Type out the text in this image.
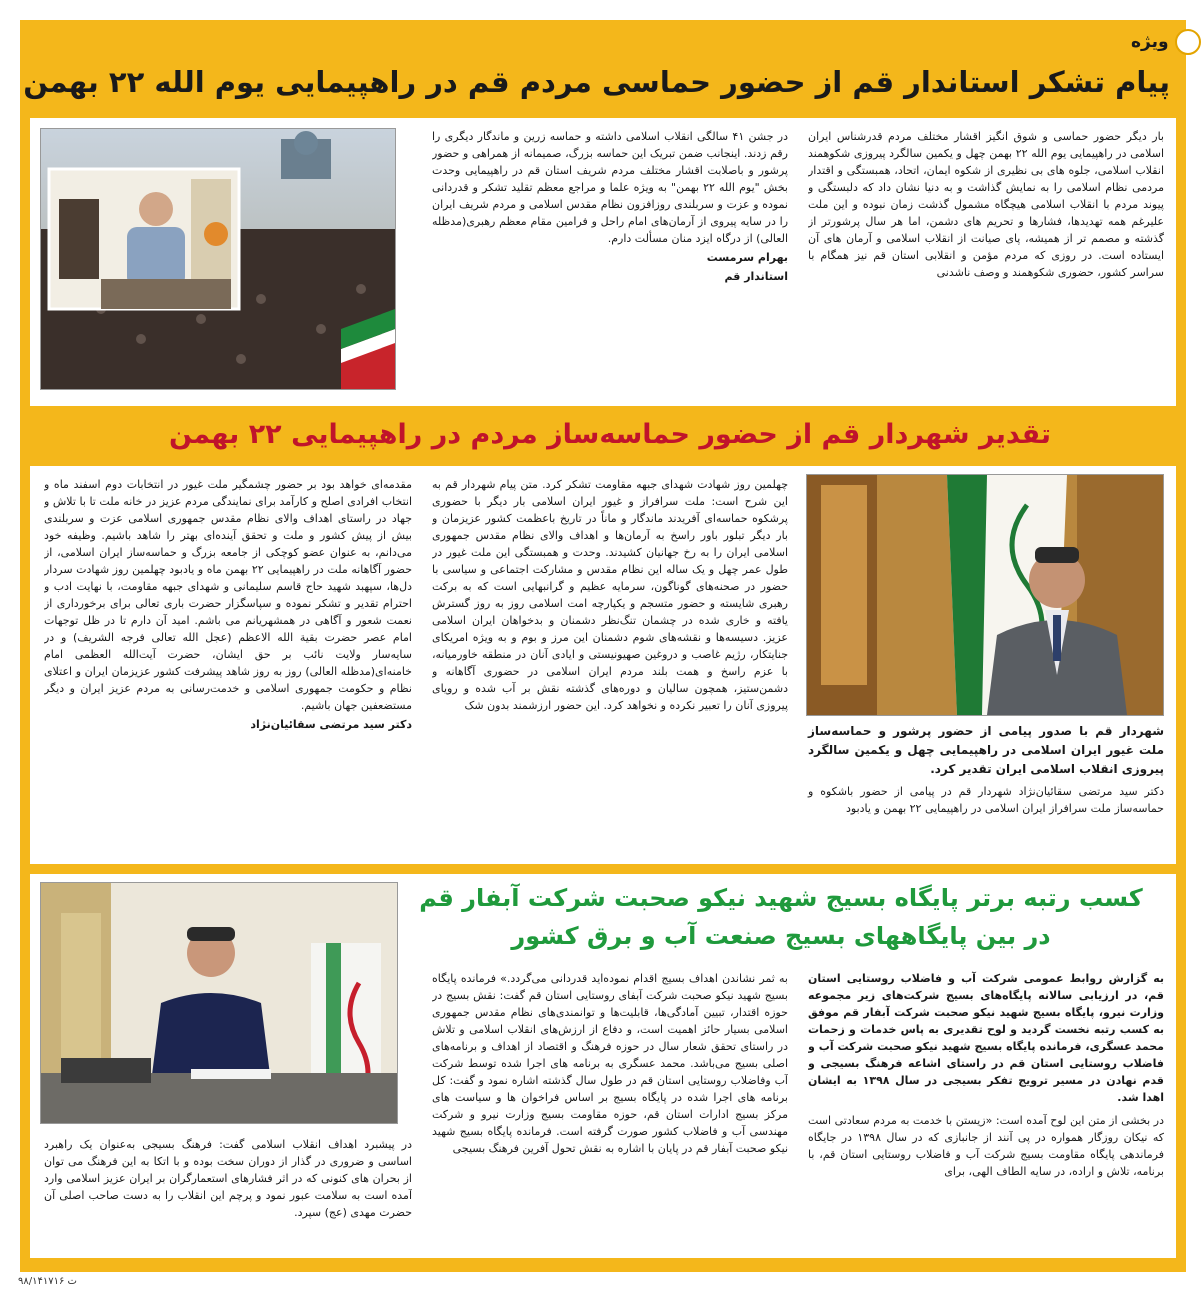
ویژه
پیام تشکر استاندار قم از حضور حماسی مردم قم در راهپیمایی یوم الله ۲۲ بهمن
بار دیگر حضور حماسی و شوق انگیز اقشار مختلف مردم قدرشناس ایران اسلامی در راهپیمایی یوم الله ۲۲ بهمن چهل و یکمین سالگرد پیروزی شکوهمند انقلاب اسلامی، جلوه های بی نظیری از شکوه ایمان، اتحاد، همبستگی و اقتدار مردمی نظام اسلامی را به نمایش گذاشت و به دنیا نشان داد که دلبستگی و پیوند مردم با انقلاب اسلامی هیچگاه مشمول گذشت زمان نبوده و این ملت علیرغم همه تهدیدها، فشارها و تحریم های دشمن، اما هر سال پرشورتر از گذشته و مصمم تر از همیشه، پای صیانت از انقلاب اسلامی و آرمان های آن ایستاده است. در روزی که مردم مؤمن و انقلابی استان قم نیز همگام با سراسر کشور، حضوری شکوهمند و وصف ناشدنی

در جشن ۴۱ سالگی انقلاب اسلامی داشته و حماسه زرین و ماندگار دیگری را رقم زدند. اینجانب ضمن تبریک این حماسه بزرگ، صمیمانه از همراهی و حضور پرشور و باصلابت اقشار مختلف مردم شریف استان قم در راهپیمایی وحدت بخش "یوم الله ۲۲ بهمن" به ویژه علما و مراجع معظم تقلید تشکر و قدردانی نموده و عزت و سربلندی روزافزون نظام مقدس اسلامی و مردم شریف ایران را در سایه پیروی از آرمان‌های امام راحل و فرامین مقام معظم رهبری(مدظله العالی) از درگاه ایزد منان مسألت دارم.

بهرام سرمست

استاندار قم

تقدیر شهردار قم از حضور حماسه‌ساز مردم در راهپیمایی ۲۲ بهمن

شهردار قم با صدور پیامی از حضور پرشور و حماسه‌ساز ملت غیور ایران اسلامی در راهپیمایی چهل و یکمین سالگرد پیروزی انقلاب اسلامی ایران تقدیر کرد.

دکتر سید مرتضی سقائیان‌نژاد شهردار قم در پیامی از حضور باشکوه و حماسه‌ساز ملت سرافراز ایران اسلامی در راهپیمایی ۲۲ بهمن و یادبود

چهلمین روز شهادت شهدای جبهه مقاومت تشکر کرد. متن پیام شهردار قم به این شرح است: ملت سرافراز و غیور ایران اسلامی بار دیگر با حضوری پرشکوه حماسه‌ای آفریدند ماندگار و ماناً در تاریخ باعظمت کشور عزیزمان و بار دیگر تبلور باور راسخ به آرمان‌ها و اهداف والای نظام مقدس جمهوری اسلامی ایران را به رخ جهانیان کشیدند. وحدت و همبستگی این ملت غیور در طول عمر چهل و یک ساله این نظام مقدس و مشارکت اجتماعی و سیاسی با حضور در صحنه‌های گوناگون، سرمایه عظیم و گرانبهایی است که به برکت رهبری شایسته و حضور متسجم و یکپارچه امت اسلامی روز به روز گسترش یافته و خاری شده در چشمان تنگ‌نظر دشمنان و بدخواهان ایران اسلامی عزیز. دسیسه‌ها و نقشه‌های شوم دشمنان این مرز و بوم و به ویژه امریکای جنایتکار، رژیم غاصب و دروغین صهیونیستی و ایادی آنان در منطقه خاورمیانه، با عزم راسخ و همت بلند مردم ایران اسلامی در حضوری آگاهانه و دشمن‌ستیز، همچون سالیان و دوره‌های گذشته نقش بر آب شده و رویای پیروزی آنان را تعبیر نکرده و نخواهد کرد. این حضور ارزشمند بدون شک

مقدمه‌ای خواهد بود بر حضور چشمگیر ملت غیور در انتخابات دوم اسفند ماه و انتخاب افرادی اصلح و کارآمد برای نمایندگی مردم عزیز در خانه ملت تا با تلاش و جهاد در راستای اهداف والای نظام مقدس جمهوری اسلامی عزت و سربلندی بیش از پیش کشور و ملت و تحقق آینده‌ای بهتر را شاهد باشیم. وظیفه خود می‌دانم، به عنوان عضو کوچکی از جامعه بزرگ و حماسه‌ساز ایران اسلامی، از حضور آگاهانه ملت در راهپیمایی ۲۲ بهمن ماه و یادبود چهلمین روز شهادت سردار دل‌ها، سپهبد شهید حاج قاسم سلیمانی و شهدای جبهه مقاومت، با نهایت ادب و احترام تقدیر و تشکر نموده و سپاسگزار حضرت باری تعالی برای برخورداری از نعمت شعور و آگاهی در همشهریانم می باشم. امید آن دارم تا در ظل توجهات امام عصر حضرت بقیة الله الاعظم (عجل الله تعالی فرجه الشریف) و در سایه‌سار ولایت نائب بر حق ایشان، حضرت آیت‌الله العظمی امام خامنه‌ای(مدظله العالی) روز به روز شاهد پیشرفت کشور عزیزمان ایران و اعتلای نظام و حکومت جمهوری اسلامی و خدمت‌رسانی به مردم عزیز ایران و دیگر مستضعفین جهان باشیم.

دکتر سید مرتضی سقائیان‌نژاد

کسب رتبه برتر پایگاه بسیج شهید نیکو صحبت شرکت آبفار قم
در بین پایگاههای بسیج صنعت آب و برق کشور

به گزارش روابط عمومی شرکت آب و فاضلاب روستایی استان قم، در ارزیابی سالانه پایگاه‌های بسیج شرکت‌های زیر مجموعه وزارت نیرو، پایگاه بسیج شهید نیکو صحبت شرکت آبفار قم موفق به کسب رتبه نخست گردید و لوح تقدیری به پاس خدمات و زحمات محمد عسگری، فرمانده پایگاه بسیج شهید نیکو صحبت شرکت آب و فاضلاب روستایی استان قم در راستای اشاعه فرهنگ بسیجی و قدم نهادن در مسیر ترویج تفکر بسیجی در سال ۱۳۹۸ به ایشان اهدا شد.

در بخشی از متن این لوح آمده است: «زیستن با خدمت به مردم سعادتی است که نیکان روزگار همواره در پی آنند از جانبازی که در سال ۱۳۹۸ در جایگاه فرماندهی پایگاه مقاومت بسیج شرکت آب و فاضلاب روستایی استان قم، با برنامه، تلاش و اراده، در سایه الطاف الهی، برای

به ثمر نشاندن اهداف بسیج اقدام نموده‌اید قدردانی می‌گردد.» فرمانده پایگاه بسیج شهید نیکو صحبت شرکت آبفای روستایی استان قم گفت: نقش بسیج در حوزه اقتدار، تبیین آمادگی‌ها، قابلیت‌ها و توانمندی‌های نظام مقدس جمهوری اسلامی بسیار حائز اهمیت است، و دفاع از ارزش‌های انقلاب اسلامی و تلاش در راستای تحقق شعار سال در حوزه فرهنگ و اقتصاد از اهداف و برنامه‌های اصلی بسیج می‌باشد. محمد عسگری به برنامه های اجرا شده توسط شرکت آب وفاضلاب روستایی استان قم در طول سال گذشته اشاره نمود و گفت: کل برنامه های اجرا شده در پایگاه بسیج بر اساس فراخوان ها و سیاست های مرکز بسیج ادارات استان قم، حوزه مقاومت بسیج وزارت نیرو و شرکت مهندسی آب و فاضلاب کشور صورت گرفته است. فرمانده پایگاه بسیج شهید نیکو صحبت آبفار قم در پایان با اشاره به نقش تحول آفرین فرهنگ بسیجی
در پیشبرد اهداف انقلاب اسلامی گفت: فرهنگ بسیجی به‌عنوان یک راهبرد اساسی و ضروری در گذار از دوران سخت بوده و با اتکا به این فرهنگ می توان از بحران های کنونی که در اثر فشارهای استعمارگران بر ایران عزیز اسلامی وارد آمده است به سلامت عبور نمود و پرچم این انقلاب را به دست صاحب اصلی آن حضرت مهدی (عج) سپرد.
ت ۹۸/۱۴۱۷۱۶
